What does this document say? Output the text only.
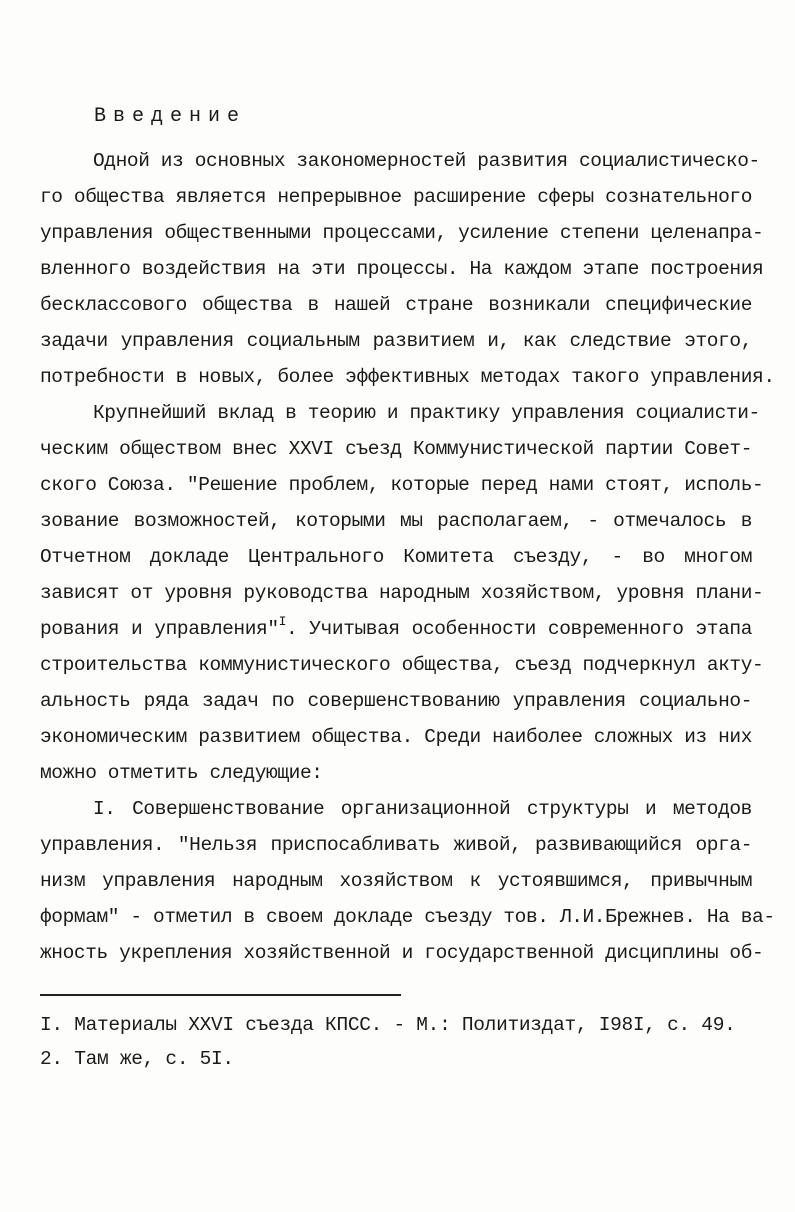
Введение
Одной из основных закономерностей развития социалистическо-
го общества является непрерывное расширение сферы сознательного
управления общественными процессами, усиление степени целенапра-
вленного воздействия на эти процессы. На каждом этапе построения
бесклассового общества в нашей стране возникали специфические
задачи управления социальным развитием и, как следствие этого,
потребности в новых, более эффективных методах такого управления.
Крупнейший вклад в теорию и практику управления социалисти-
ческим обществом внес XXVI съезд Коммунистической партии Совет-
ского Союза. "Решение проблем, которые перед нами стоят, исполь-
зование возможностей, которыми мы располагаем, - отмечалось в
Отчетном докладе Центрального Комитета съезду, - во многом
зависят от уровня руководства народным хозяйством, уровня плани-
рования и управления"$^I$. Учитывая особенности современного этапа
строительства коммунистического общества, съезд подчеркнул акту-
альность ряда задач по совершенствованию управления социально-
экономическим развитием общества. Среди наиболее сложных из них
можно отметить следующие:
I. Совершенствование организационной структуры и методов
управления. "Нельзя приспосабливать живой, развивающийся орга-
низм управления народным хозяйством к устоявшимся, привычным
формам" - отметил в своем докладе съезду тов. Л.И.Брежнев. На ва-
жность укрепления хозяйственной и государственной дисциплины об-
I. Материалы XXVI съезда КПСС. - М.: Политиздат, I98I, с. 49.
2. Там же, с. 5I.
